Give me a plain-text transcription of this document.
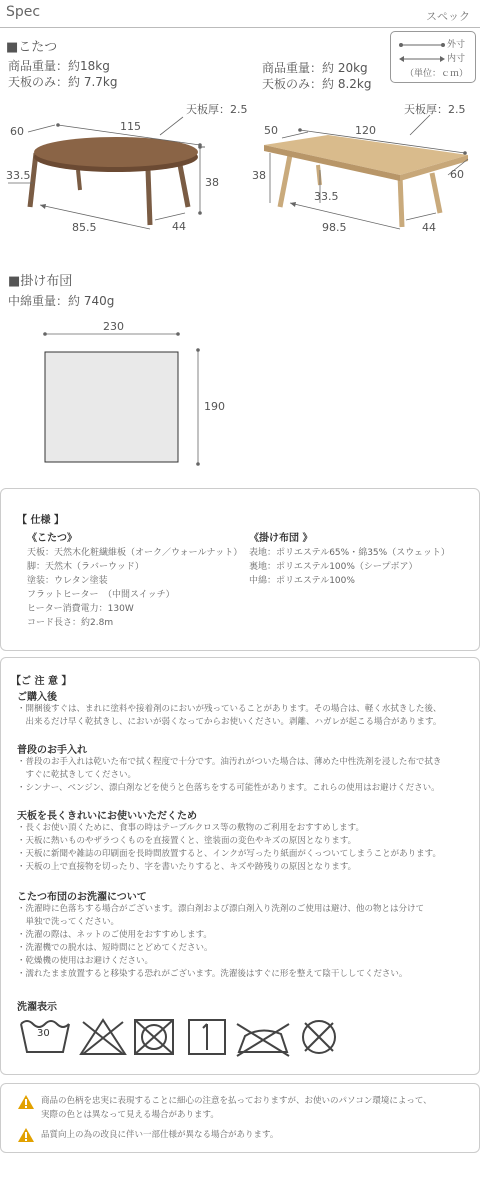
Spec	スペック
■こたつ
商品重量：約18kg
天板のみ：約 7.7kg
商品重量：約 20kg
天板のみ：約 8.2kg
外寸
内寸
（単位：ｃｍ）
天板厚：2.5
115
60
33.5
38
85.5	44
天板厚：2.5
120
50
38	60
33.5
98.5	44
■掛け布団
中綿重量：約 740g
230
190
【 仕様 】
《こたつ》
天板：天然木化粧繊維板（オーク／ウォールナット）
脚：天然木（ラバーウッド）
塗装：ウレタン塗装
フラットヒーター　（中間スイッチ）
ヒーター消費電力：130W
コード長さ：約2.8m
《掛け布団 》
表地：ポリエステル65%・綿35%（スウェット）
裏地：ポリエステル100%（シープボア）
中綿：ポリエステル100%
【ご 注 意 】
ご購入後

・開梱後すぐは、まれに塗料や接着剤のにおいが残っていることがあります。その場合は、軽く水拭きした後、

　出来るだけ早く乾拭きし、においが弱くなってからお使いください。剥離、ハガレが起こる場合があります。

普段のお手入れ

・普段のお手入れは乾いた布で拭く程度で十分です。油汚れがついた場合は、薄めた中性洗剤を浸した布で拭き

　すぐに乾拭きしてください。

・シンナー、ベンジン、漂白剤などを使うと色落ちをする可能性があります。これらの使用はお避けください。

天板を長くきれいにお使いいただくため

・長くお使い頂くために、食事の時はテーブルクロス等の敷物のご利用をおすすめします。

・天板に熱いものやザラつくものを直接置くと、塗装面の変色やキズの原因となります。

・天板に新聞や雑誌の印刷面を長時間放置すると、インクが写ったり紙面がくっついてしまうことがあります。

・天板の上で直接物を切ったり、字を書いたりすると、キズや跡残りの原因となります。

こたつ布団のお洗濯について

・洗濯時に色落ちする場合がございます。漂白剤および漂白剤入り洗剤のご使用は避け、他の物とは分けて

　単独で洗ってください。

・洗濯の際は、ネットのご使用をおすすめします。

・洗濯機での脱水は、短時間にとどめてください。

・乾燥機の使用はお避けください。

・濡れたまま放置すると移染する恐れがございます。洗濯後はすぐに形を整えて陰干ししてください。

洗濯表示
30

商品の色柄を忠実に表現することに細心の注意を払っておりますが、お使いのパソコン環境によって、

実際の色とは異なって見える場合があります。

品質向上の為の改良に伴い一部仕様が異なる場合があります。
